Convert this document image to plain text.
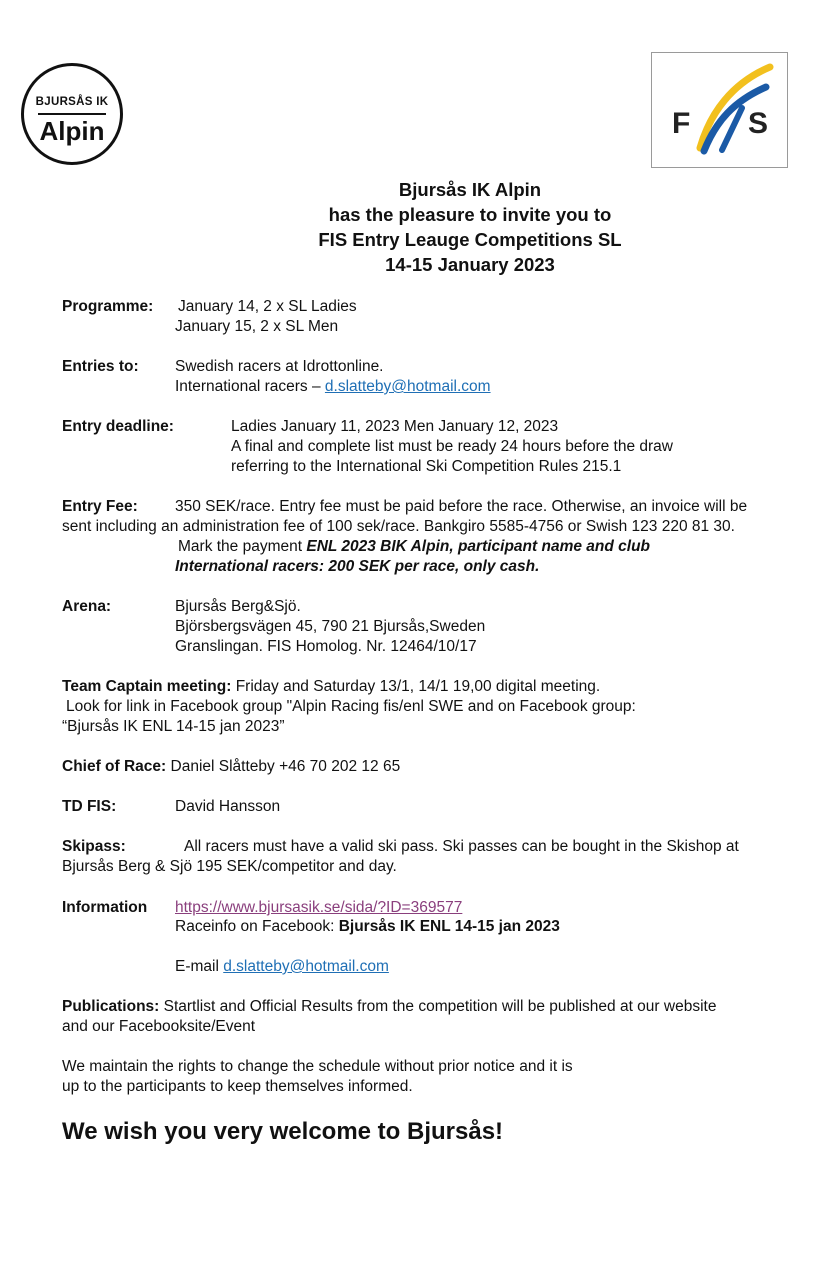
BJURSÅS IK
Alpin	F S
Bjursås IK Alpin
has the pleasure to invite you to
FIS Entry Leauge Competitions SL
14-15 January 2023
Programme: January 14, 2 x SL Ladies
January 15, 2 x SL Men
Entries to: Swedish racers at Idrottonline.
International racers – d.slatteby@hotmail.com
Entry deadline:	Ladies January 11, 2023 Men January 12, 2023
A final and complete list must be ready 24 hours before the draw
referring to the International Ski Competition Rules 215.1
Entry Fee: 350 SEK/race. Entry fee must be paid before the race. Otherwise, an invoice will be
sent including an administration fee of 100 sek/race. Bankgiro 5585-4756 or Swish 123 220 81 30.
Mark the payment ENL 2023 BIK Alpin, participant name and club
International racers: 200 SEK per race, only cash.
Arena:	Bjursås Berg&Sjö.
Björsbergsvägen 45, 790 21 Bjursås,Sweden
Granslingan. FIS Homolog. Nr. 12464/10/17
Team Captain meeting: Friday and Saturday 13/1, 14/1 19,00 digital meeting.
Look for link in Facebook group "Alpin Racing fis/enl SWE and on Facebook group:
“Bjursås IK ENL 14-15 jan 2023”
Chief of Race: Daniel Slåtteby +46 70 202 12 65
TD FIS:	David Hansson
Skipass:	All racers must have a valid ski pass. Ski passes can be bought in the Skishop at
Bjursås Berg & Sjö 195 SEK/competitor and day.
Information https://www.bjursasik.se/sida/?ID=369577
Raceinfo on Facebook: Bjursås IK ENL 14-15 jan 2023
E-mail d.slatteby@hotmail.com
Publications: Startlist and Official Results from the competition will be published at our website
and our Facebooksite/Event
We maintain the rights to change the schedule without prior notice and it is
up to the participants to keep themselves informed.
We wish you very welcome to Bjursås!
